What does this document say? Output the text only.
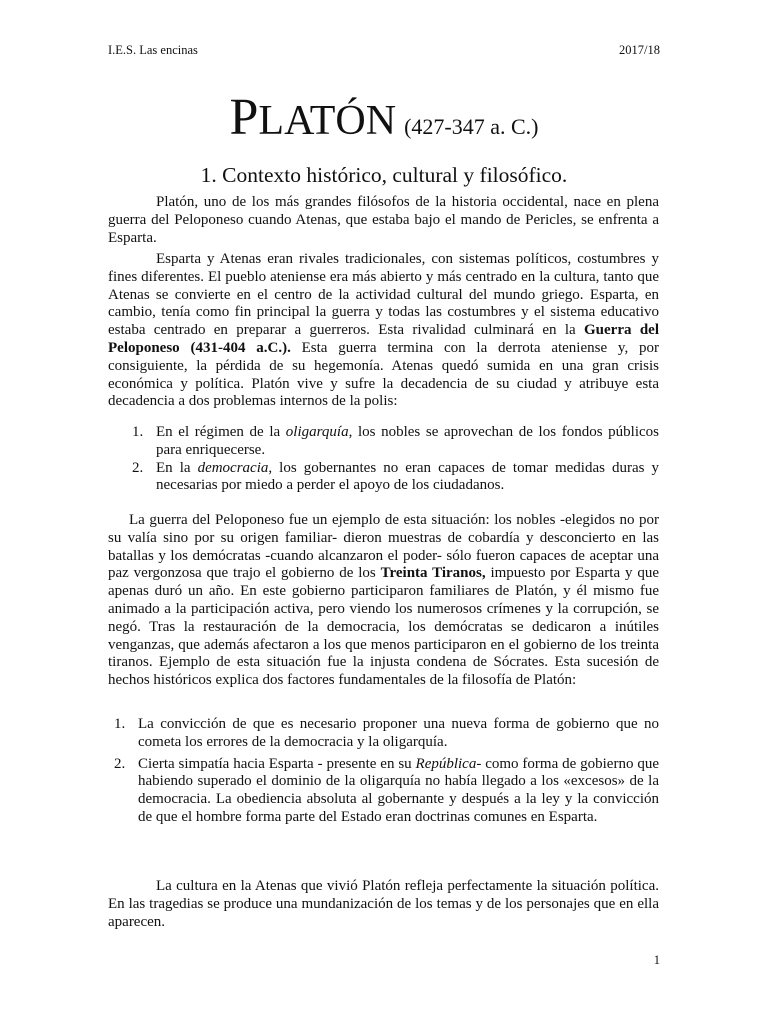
I.E.S. Las encinas	2017/18
PLATÓN (427-347 a. C.)
1. Contexto histórico, cultural y filosófico.

Platón, uno de los más grandes filósofos de la historia occidental, nace en plena guerra del Peloponeso cuando Atenas, que estaba bajo el mando de Pericles, se enfrenta a Esparta.

Esparta y Atenas eran rivales tradicionales, con sistemas políticos, costumbres y fines diferentes. El pueblo ateniense era más abierto y más centrado en la cultura, tanto que Atenas se convierte en el centro de la actividad cultural del mundo griego. Esparta, en cambio, tenía como fin principal la guerra y todas las costumbres y el sistema educativo estaba centrado en preparar a guerreros. Esta rivalidad culminará en la Guerra del Peloponeso (431-404 a.C.). Esta guerra termina con la derrota ateniense y, por consiguiente, la pérdida de su hegemonía. Atenas quedó sumida en una gran crisis económica y política. Platón vive y sufre la decadencia de su ciudad y atribuye esta decadencia a dos problemas internos de la polis:

1. En el régimen de la oligarquía, los nobles se aprovechan de los fondos públicos para enriquecerse.
2. En la democracia, los gobernantes no eran capaces de tomar medidas duras y necesarias por miedo a perder el apoyo de los ciudadanos.

La guerra del Peloponeso fue un ejemplo de esta situación: los nobles -elegidos no por su valía sino por su origen familiar- dieron muestras de cobardía y desconcierto en las batallas y los demócratas -cuando alcanzaron el poder- sólo fueron capaces de aceptar una paz vergonzosa que trajo el gobierno de los Treinta Tiranos, impuesto por Esparta y que apenas duró un año. En este gobierno participaron familiares de Platón, y él mismo fue animado a la participación activa, pero viendo los numerosos crímenes y la corrupción, se negó. Tras la restauración de la democracia, los demócratas se dedicaron a inútiles venganzas, que además afectaron a los que menos participaron en el gobierno de los treinta tiranos. Ejemplo de esta situación fue la injusta condena de Sócrates. Esta sucesión de hechos históricos explica dos factores fundamentales de la filosofía de Platón:

1. La convicción de que es necesario proponer una nueva forma de gobierno que no cometa los errores de la democracia y la oligarquía.
2. Cierta simpatía hacia Esparta - presente en su República- como forma de gobierno que habiendo superado el dominio de la oligarquía no había llegado a los «excesos» de la democracia. La obediencia absoluta al gobernante y después a la ley y la convicción de que el hombre forma parte del Estado eran doctrinas comunes en Esparta.

La cultura en la Atenas que vivió Platón refleja perfectamente la situación política. En las tragedias se produce una mundanización de los temas y de los personajes que en ella aparecen.

1
